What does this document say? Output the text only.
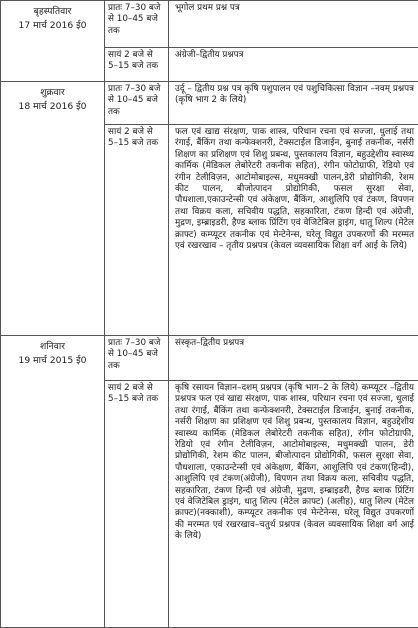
बृहस्पतिवार
17 मार्च 2016 ई0	प्रातः 7–30 बजे से 10–45 बजे तक	भूगोल प्रथम प्रश्न पत्र
	सायं 2 बजे से 5–15 बजे तक	अंग्रेजी–द्वितीय प्रश्नपत्र

शुक्रवार
18 मार्च 2016 ई0	प्रातः 7–30 बजे से 10–45 बजे तक	उर्दू – द्वितीय प्रश्न पत्र कृषि पशुपालन एवं पशुचिकित्सा विज्ञान –नवम् प्रश्नपत्र (कृषि भाग 2 के लिये)
	सायं 2 बजे से 5–15 बजे तक	फल एवं खाद्य संरक्षण, पाक शास्त्र, परिधान रचना एवं सज्जा, धुलाई तथा रंगाई, बैंकिंग तथा कन्फेक्शनरी, टेक्सटाईल डिजाईन, बुनाई तकनीक, नर्सरी शिक्षण का प्रशिक्षण एवं शिशु प्रबन्ध, पुस्तकालय विज्ञान, बहुउद्देशीय स्वास्थ्य कार्मिक (मेडिकल लेबोरेटरी तकनीक सहित), रंगीन फोटोग्राफी, रेडियो एवं रंगीन टेलीविज़न, आटोमोबाइल्स, मधुमक्खी पालन,डेरी प्रोद्योगिकी, रेशम कीट पालन, बीजोत्पादन प्रोद्योगिकी, फसल सुरक्षा सेवा, पौधशाला,एकाउन्टेन्सी एवं अंकेक्षण, बैंकिंग, आशुलिपि एवं टंकण, विपणन तथा विक्रय कला, सचिवीय पद्धति, सहकारिता, टंकण हिन्दी एवं अंग्रेजी, मुद्रण, इम्ब्राइडरी, हैण्ड ब्लाक प्रिंटिंग एवं वेजिटेबिल ड्राइंग, धातु शिल्प (मेटेल क्राफ्ट) कम्प्यूटर तकनीक एवं मेन्टेनेन्स, घरेलू विद्युत उपकरणों की मरम्मत एवं रखरखाव – तृतीय प्रश्नपत्र (केवल व्यवसायिक शिक्षा वर्ग आई के लिये)

शनिवार
19 मार्च 2015 ई0	प्रातः 7–30 बजे से 10–45 बजे तक	संस्कृत–द्वितीय प्रश्नपत्र
	सायं 2 बजे से 5–15 बजे तक	कृषि रसायन विज्ञान–दशम् प्रश्नपत्र (कृषि भाग–2 के लिये) कम्प्यूटर –द्वितीय प्रश्नपत्र फल एवं खाद्य संरक्षण, पाक शास्त्र, परिधान रचना एवं सज्जा, धुलाई तथा रंगाई, बैंकिंग तथा कन्फेक्शनरी, टेक्सटाईल डिजाईन, बुनाई तकनीक, नर्सरी शिक्षण का प्रशिक्षण एवं शिशु प्रबन्ध, पुस्तकालय विज्ञान, बहुउद्देशीय स्वास्थ्य कार्मिक (मेडिकल लेबोरेटरी तकनीक सहित), रंगीन फोटोग्राफी, रेडियो एवं रंगीन टेलीविज़न, आटोमोबाइल्स, मधुमक्खी पालन, डेरी प्रोद्योगिकी, रेशम कीट पालन, बीजोत्पादन प्रोद्योगिकी, फसल सुरक्षा सेवा, पौधशाला, एकाउन्टेन्सी एवं अंकेक्षण, बैंकिंग, आशुलिपि एवं टंकण(हिन्दी), आशुलिपि एवं टंकण(अंग्रेजी), विपणन तथा विक्रय कला, सचिवीय पद्धति, सहकारिता, टंकण हिन्दी एवं अंग्रेजी, मुद्रण, इम्ब्राइडरी, हैण्ड ब्लाक प्रिंटिंग एवं वेजिटेबिल ड्राइंग, धातु शिल्प (मेटेल क्राफ्ट) (अलीह), धातु शिल्प (मेटेल क्राफ्ट)(नक्काशी), कम्प्यूटर तकनीक एवं मेन्टेनेन्स, घरेलू विद्युत उपकरणों की मरम्मत एवं रखरखाव–चतुर्थ प्रश्नपत्र (केवल व्यवसायिक शिक्षा वर्ग आई के लिये)
